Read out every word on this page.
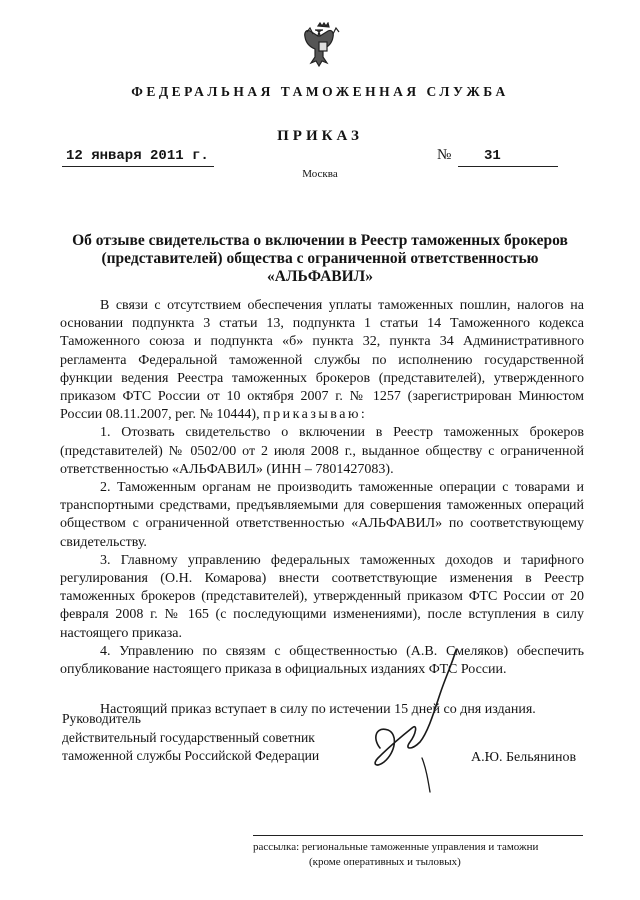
ФЕДЕРАЛЬНАЯ ТАМОЖЕННАЯ СЛУЖБА
ПРИКАЗ
12 января 2011 г.	№ 31
Москва
Об отзыве свидетельства о включении в Реестр таможенных брокеров
(представителей) общества с ограниченной ответственностью
«АЛЬФАВИЛ»

В связи с отсутствием обеспечения уплаты таможенных пошлин, налогов на основании подпункта 3 статьи 13, подпункта 1 статьи 14 Таможенного кодекса Таможенного союза и подпункта «б» пункта 32, пункта 34 Административного регламента Федеральной таможенной службы по исполнению государственной функции ведения Реестра таможенных брокеров (представителей), утвержденного приказом ФТС России от 10 октября 2007 г. № 1257 (зарегистрирован Минюстом России 08.11.2007, рег. № 10444), приказываю:

1. Отозвать свидетельство о включении в Реестр таможенных брокеров (представителей) № 0502/00 от 2 июля 2008 г., выданное обществу с ограниченной ответственностью «АЛЬФАВИЛ» (ИНН – 7801427083).

2. Таможенным органам не производить таможенные операции с товарами и транспортными средствами, предъявляемыми для совершения таможенных операций обществом с ограниченной ответственностью «АЛЬФАВИЛ» по соответствующему свидетельству.

3. Главному управлению федеральных таможенных доходов и тарифного регулирования (О.Н. Комарова) внести соответствующие изменения в Реестр таможенных брокеров (представителей), утвержденный приказом ФТС России от 20 февраля 2008 г. № 165 (с последующими изменениями), после вступления в силу настоящего приказа.

4. Управлению по связям с общественностью (А.В. Смеляков) обеспечить опубликование настоящего приказа в официальных изданиях ФТС России.

Настоящий приказ вступает в силу по истечении 15 дней со дня издания.

Руководитель
действительный государственный советник
таможенной службы Российской Федерации	А.Ю. Бельянинов
рассылка: региональные таможенные управления и таможни
(кроме оперативных и тыловых)
